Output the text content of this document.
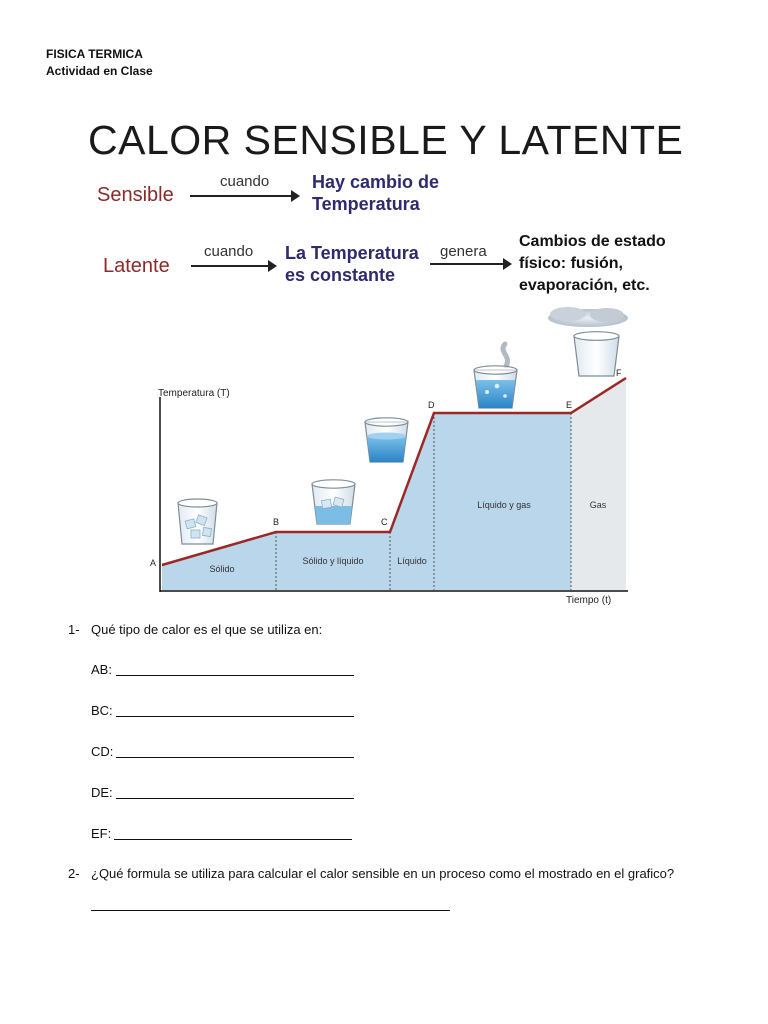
FISICA TERMICA
Actividad en Clase
CALOR SENSIBLE Y LATENTE
Sensible
cuando Hay cambio de
Temperatura
Latente
cuando La Temperatura
es constante
genera
Cambios de estado
físico: fusión,
evaporación, etc.
Temperatura (T)
Tiempo (t)
A
B	C
D	E
F
Sólido
Sólido y líquido	Líquido
Líquido y gas	Gas
1- Qué tipo de calor es el que se utiliza en:
AB:
BC:
CD:
DE:
EF:
2- ¿Qué formula se utiliza para calcular el calor sensible en un proceso como el mostrado en el grafico?
